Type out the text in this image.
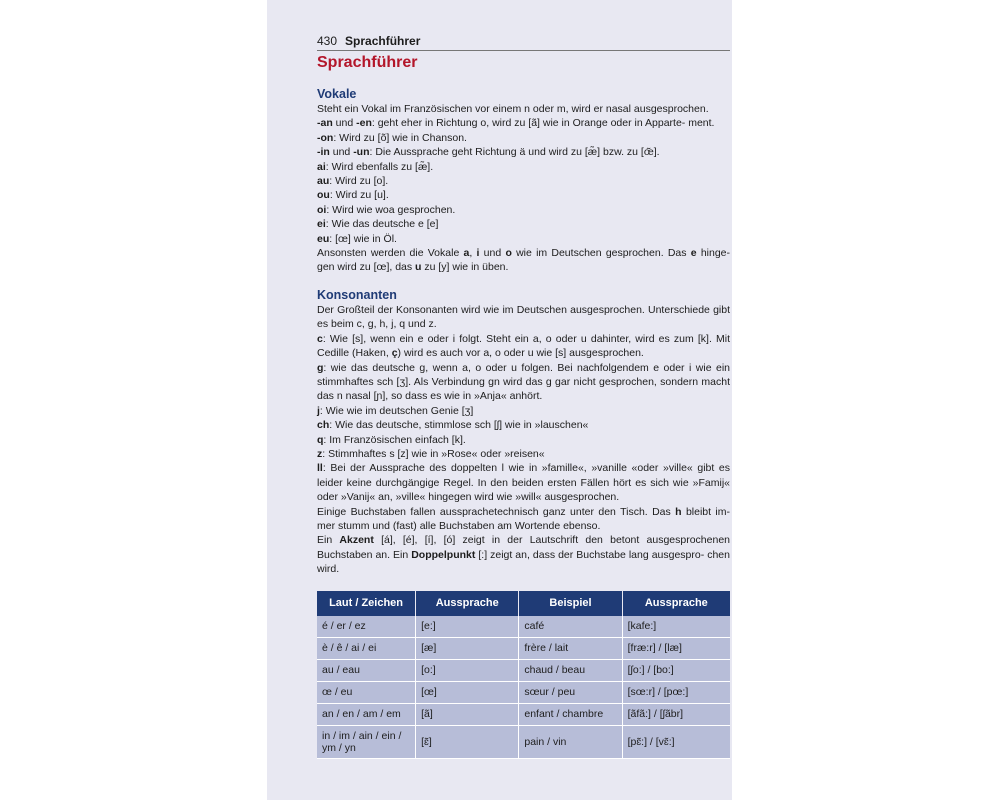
430 Sprachführer
Sprachführer
Vokale

Steht ein Vokal im Französischen vor einem n oder m, wird er nasal ausgesprochen.

-an und -en: geht eher in Richtung o, wird zu [ã] wie in Orange oder in Apparte- ment.

-on: Wird zu [õ] wie in Chanson.

-in und -un: Die Aussprache geht Richtung ä und wird zu [æ̃] bzw. zu [œ̃].

ai: Wird ebenfalls zu [æ̃].

au: Wird zu [o].

ou: Wird zu [u].

oi: Wird wie woa gesprochen.

ei: Wie das deutsche e [e]

eu: [œ] wie in Öl.

Ansonsten werden die Vokale a, i und o wie im Deutschen gesprochen. Das e hinge- gen wird zu [œ], das u zu [y] wie in üben.

Konsonanten

Der Großteil der Konsonanten wird wie im Deutschen ausgesprochen. Unterschiede gibt es beim c, g, h, j, q und z.

c: Wie [s], wenn ein e oder i folgt. Steht ein a, o oder u dahinter, wird es zum [k]. Mit Cedille (Haken, ç) wird es auch vor a, o oder u wie [s] ausgesprochen.

g: wie das deutsche g, wenn a, o oder u folgen. Bei nachfolgendem e oder i wie ein stimmhaftes sch [ʒ]. Als Verbindung gn wird das g gar nicht gesprochen, sondern macht das n nasal [ɲ], so dass es wie in »Anja« anhört.

j: Wie wie im deutschen Genie [ʒ]

ch: Wie das deutsche, stimmlose sch [ʃ] wie in »lauschen«

q: Im Französischen einfach [k].

z: Stimmhaftes s [z] wie in »Rose« oder »reisen«

ll: Bei der Aussprache des doppelten l wie in »famille«, »vanille «oder »ville« gibt es leider keine durchgängige Regel. In den beiden ersten Fällen hört es sich wie »Famij« oder »Vanij« an, »ville« hingegen wird wie »will« ausgesprochen.

Einige Buchstaben fallen aussprachetechnisch ganz unter den Tisch. Das h bleibt im- mer stumm und (fast) alle Buchstaben am Wortende ebenso.

Ein Akzent [á], [é], [í], [ó] zeigt in der Lautschrift den betont ausgesprochenen Buchstaben an. Ein Doppelpunkt [:] zeigt an, dass der Buchstabe lang ausgespro- chen wird.

Laut / Zeichen	Aussprache	Beispiel	Aussprache
é / er / ez	[e:]	café	[kafe:]
è / ê / ai / ei	[æ]	frère / lait	[fræ:r] / [læ]
au / eau	[o:]	chaud / beau	[ʃo:] / [bo:]
œ / eu	[œ]	sœur / peu	[sœ:r] / [pœ:]
an / en / am / em	[ã]	enfant / chambre	[ãfã:] / [ʃãbr]
in / im / ain / ein / ym / yn	[ɛ̃]	pain / vin	[pɛ̃:] / [vɛ̃:]
